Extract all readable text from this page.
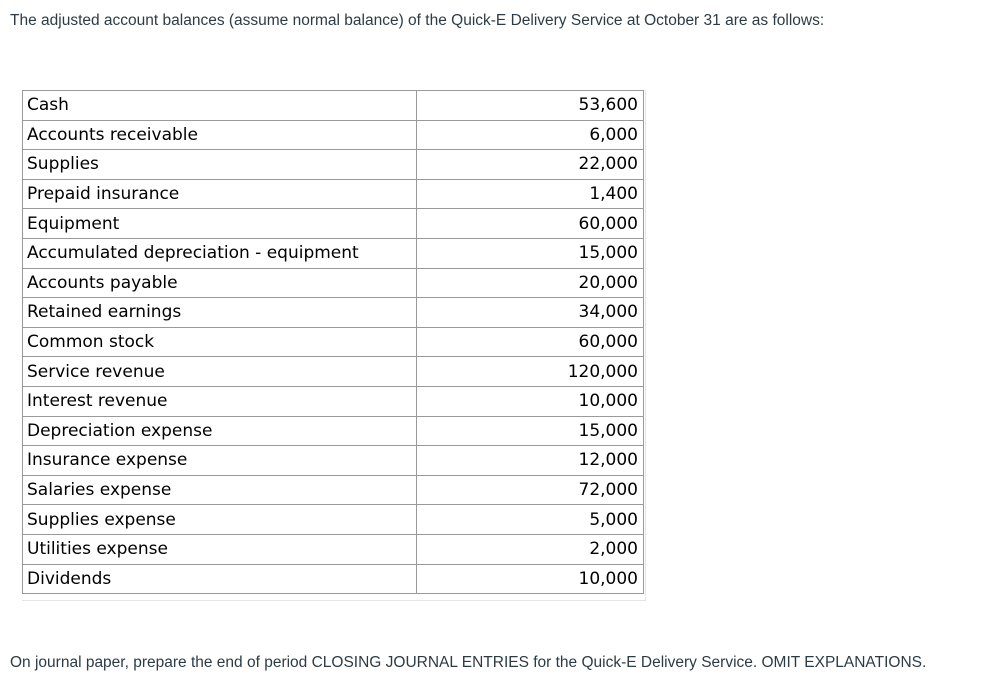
The adjusted account balances (assume normal balance) of the Quick-E Delivery Service at October 31 are as follows:
Cash	53,600
Accounts receivable	6,000
Supplies	22,000
Prepaid insurance	1,400
Equipment	60,000
Accumulated depreciation - equipment	15,000
Accounts payable	20,000
Retained earnings	34,000
Common stock	60,000
Service revenue	120,000
Interest revenue	10,000
Depreciation expense	15,000
Insurance expense	12,000
Salaries expense	72,000
Supplies expense	5,000
Utilities expense	2,000
Dividends	10,000
On journal paper, prepare the end of period CLOSING JOURNAL ENTRIES for the Quick-E Delivery Service. OMIT EXPLANATIONS.
